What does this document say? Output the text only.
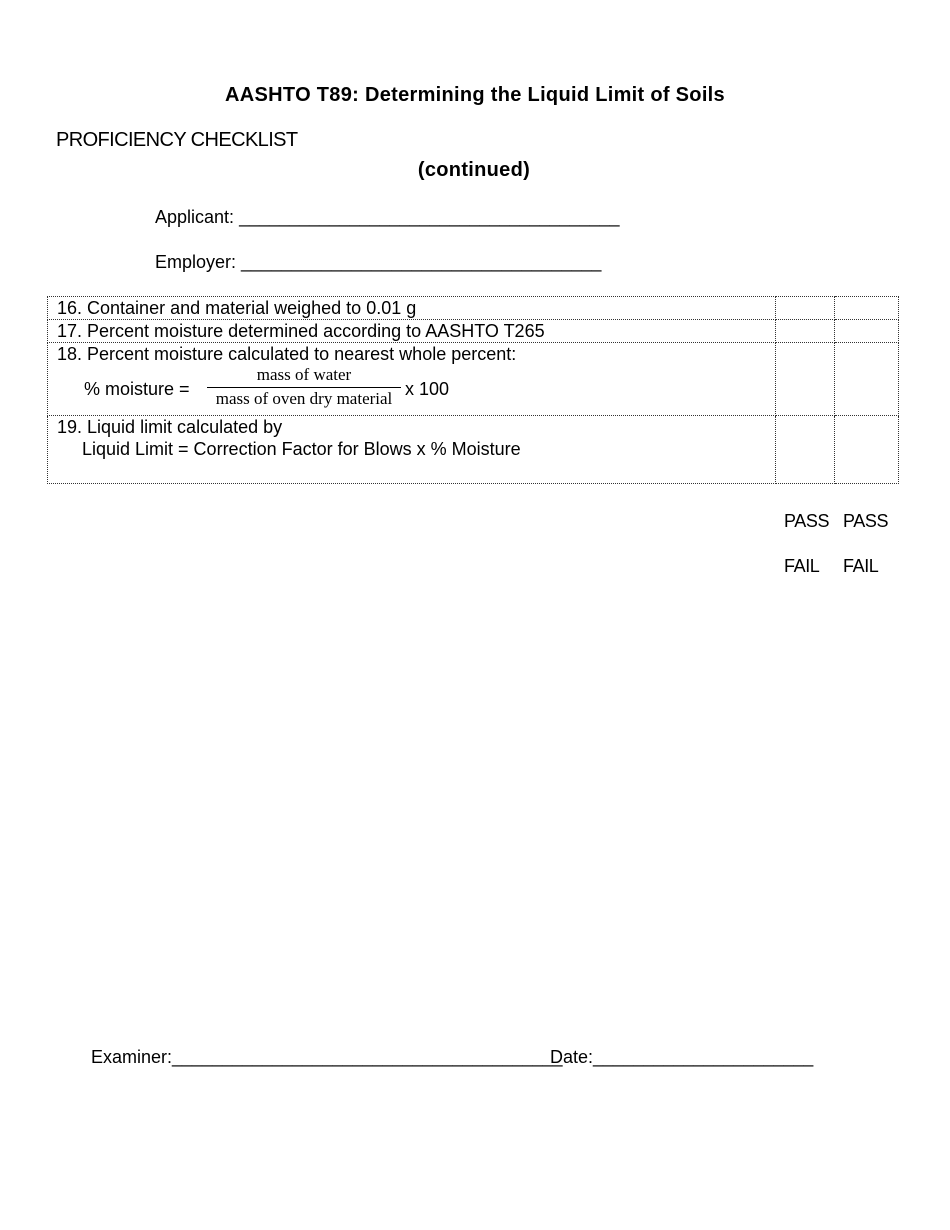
AASHTO T89: Determining the Liquid Limit of Soils
PROFICIENCY CHECKLIST
(continued)
Applicant: ______________________________________
Employer: ____________________________________
16. Container and material weighed to 0.01 g		
17. Percent moisture determined according to AASHTO T265		

18. Percent moisture calculated to nearest whole percent:
% moisture =
mass of water
mass of oven dry material x 100		

19. Liquid limit calculated by
Liquid Limit = Correction Factor for Blows x % Moisture		

PASS PASS
FAIL FAIL
Examiner:_______________________________________
Date:______________________
